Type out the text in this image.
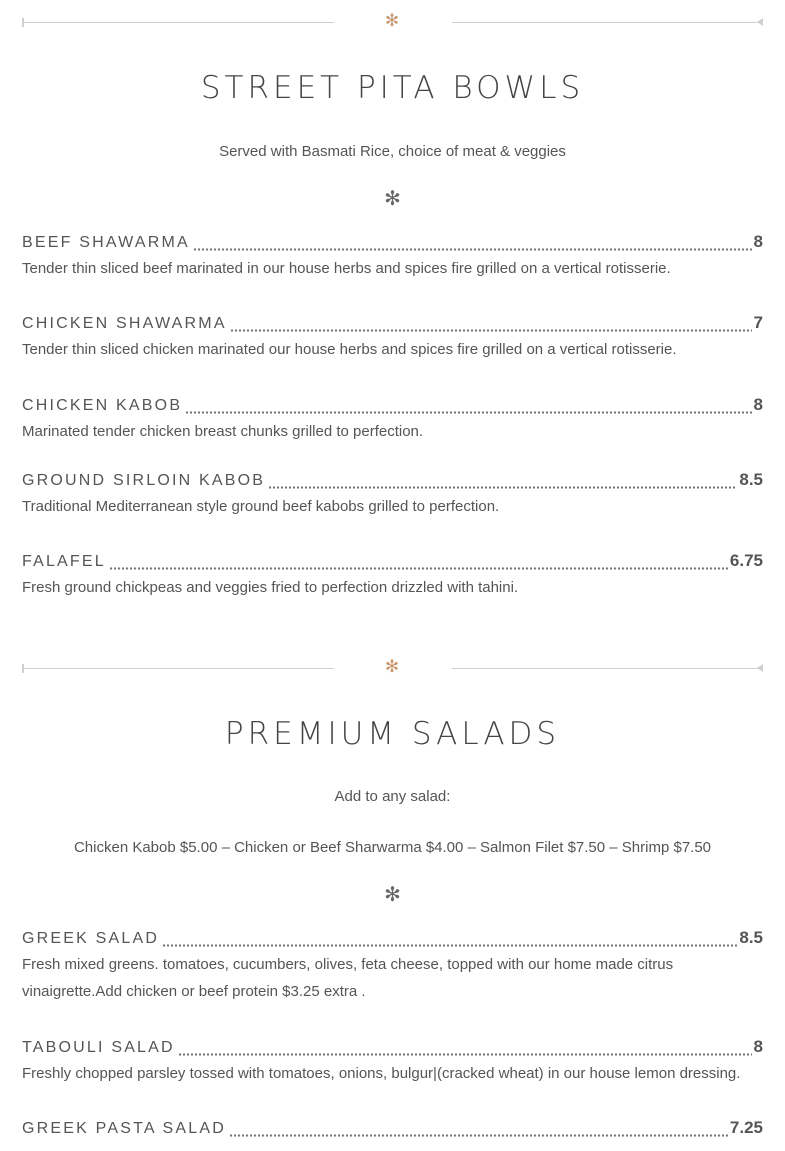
✻
STREET PITA BOWLS
Served with Basmati Rice, choice of meat & veggies
✻
BEEF SHAWARMA	8
Tender thin sliced beef marinated in our house herbs and spices fire grilled on a vertical rotisserie.
CHICKEN SHAWARMA	7
Tender thin sliced chicken marinated our house herbs and spices fire grilled on a vertical rotisserie.
CHICKEN KABOB	8
Marinated tender chicken breast chunks grilled to perfection.
GROUND SIRLOIN KABOB	8.5
Traditional Mediterranean style ground beef kabobs grilled to perfection.
FALAFEL	6.75
Fresh ground chickpeas and veggies fried to perfection drizzled with tahini.
✻
PREMIUM SALADS
Add to any salad:
Chicken Kabob $5.00 – Chicken or Beef Sharwarma $4.00 – Salmon Filet $7.50 – Shrimp $7.50
✻
GREEK SALAD	8.5
Fresh mixed greens. tomatoes, cucumbers, olives, feta cheese, topped with our home made citrus vinaigrette.Add chicken or beef protein $3.25 extra .
TABOULI SALAD	8
Freshly chopped parsley tossed with tomatoes, onions, bulgur|(cracked wheat) in our house lemon dressing.
GREEK PASTA SALAD	7.25
